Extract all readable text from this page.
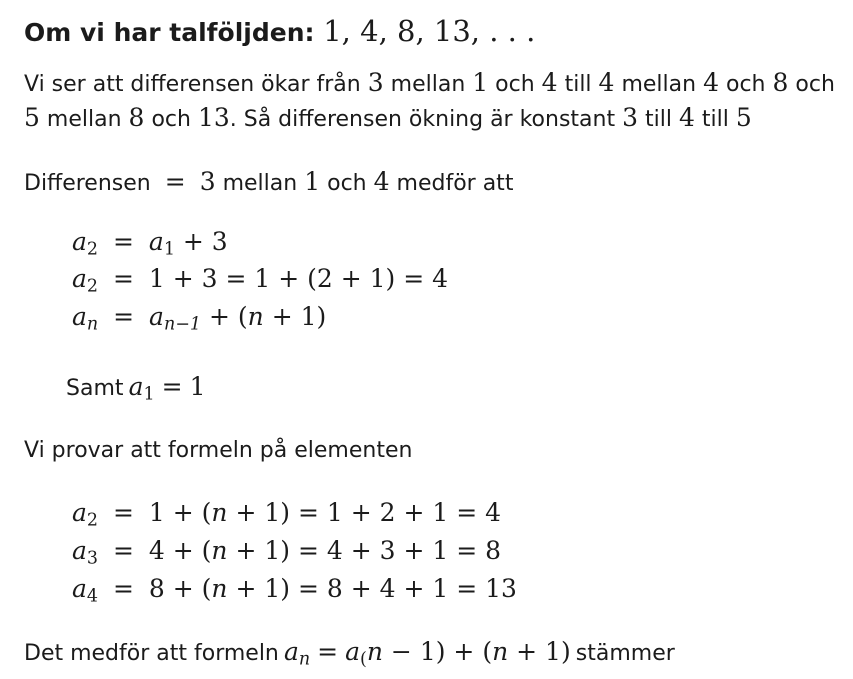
Om vi har talföljden: 1, 4, 8, 13, . . .
Vi ser att differensen ökar från 3 mellan 1 och 4 till 4 mellan 4 och 8 och
5 mellan 8 och 13. Så differensen ökning är konstant 3 till 4 till 5
Differensen = 3 mellan 1 och 4 medför att
$a_2 = a_1 + 3$
$a_2 = 1 + 3 = 1 + (2 + 1) = 4$
$a_n = a_{n-1} + (n + 1)$
Samt $a_1 = 1$
Vi provar att formeln på elementen
$a_2 = 1 + (n + 1) = 1 + 2 + 1 = 4$
$a_3 = 4 + (n + 1) = 4 + 3 + 1 = 8$
$a_4 = 8 + (n + 1) = 8 + 4 + 1 = 13$
Det medför att formeln $a_n = a_(n - 1) + (n + 1)$ stämmer
